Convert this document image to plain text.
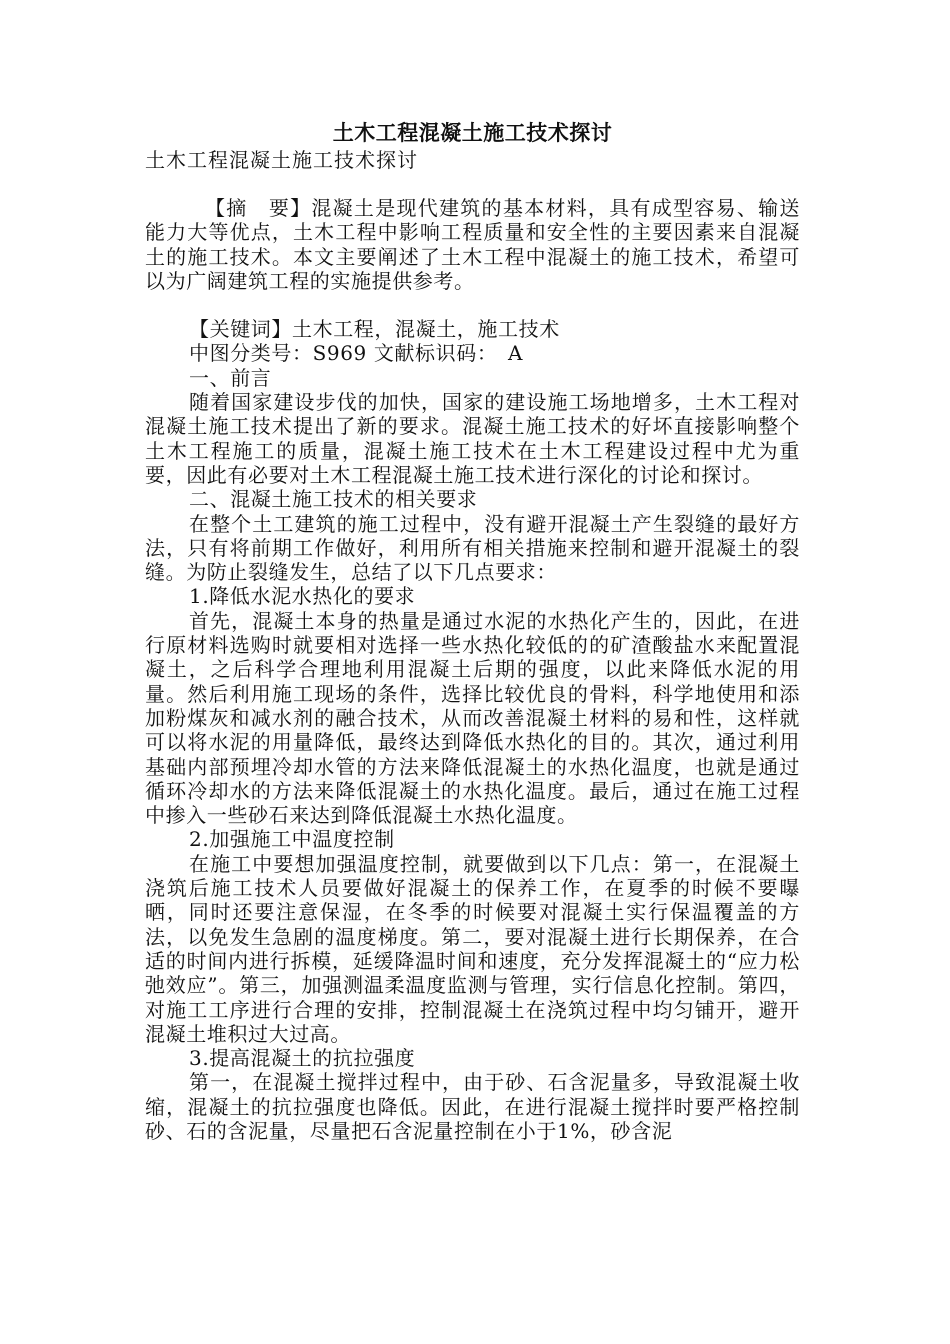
土木工程混凝土施工技术探讨

土木工程混凝土施工技术探讨

【摘　要】混凝土是现代建筑的基本材料，具有成型容易、输送能力大等优点，土木工程中影响工程质量和安全性的主要因素来自混凝土的施工技术。本文主要阐述了土木工程中混凝土的施工技术，希望可以为广阔建筑工程的实施提供参考。

【关键词】土木工程，混凝土，施工技术

中图分类号：S969 文献标识码：　A

一、前言

随着国家建设步伐的加快，国家的建设施工场地增多，土木工程对混凝土施工技术提出了新的要求。混凝土施工技术的好坏直接影响整个土木工程施工的质量，混凝土施工技术在土木工程建设过程中尤为重要，因此有必要对土木工程混凝土施工技术进行深化的讨论和探讨。

二、混凝土施工技术的相关要求

在整个土工建筑的施工过程中，没有避开混凝土产生裂缝的最好方法，只有将前期工作做好，利用所有相关措施来控制和避开混凝土的裂缝。为防止裂缝发生，总结了以下几点要求：

1.降低水泥水热化的要求

首先，混凝土本身的热量是通过水泥的水热化产生的，因此，在进行原材料选购时就要相对选择一些水热化较低的的矿渣酸盐水来配置混凝土，之后科学合理地利用混凝土后期的强度，以此来降低水泥的用量。然后利用施工现场的条件，选择比较优良的骨料，科学地使用和添加粉煤灰和减水剂的融合技术，从而改善混凝土材料的易和性，这样就可以将水泥的用量降低，最终达到降低水热化的目的。其次，通过利用基础内部预埋冷却水管的方法来降低混凝土的水热化温度，也就是通过循环冷却水的方法来降低混凝土的水热化温度。最后，通过在施工过程中掺入一些砂石来达到降低混凝土水热化温度。

2.加强施工中温度控制

在施工中要想加强温度控制，就要做到以下几点：第一，在混凝土浇筑后施工技术人员要做好混凝土的保养工作，在夏季的时候不要曝晒，同时还要注意保湿，在冬季的时候要对混凝土实行保温覆盖的方法，以免发生急剧的温度梯度。第二，要对混凝土进行长期保养，在合适的时间内进行拆模，延缓降温时间和速度，充分发挥混凝土的“应力松弛效应”。第三，加强测温柔温度监测与管理，实行信息化控制。第四，对施工工序进行合理的安排，控制混凝土在浇筑过程中均匀铺开，避开混凝土堆积过大过高。

3.提高混凝土的抗拉强度

第一，在混凝土搅拌过程中，由于砂、石含泥量多，导致混凝土收缩，混凝土的抗拉强度也降低。因此，在进行混凝土搅拌时要严格控制砂、石的含泥量，尽量把石含泥量控制在小于1%，砂含泥
